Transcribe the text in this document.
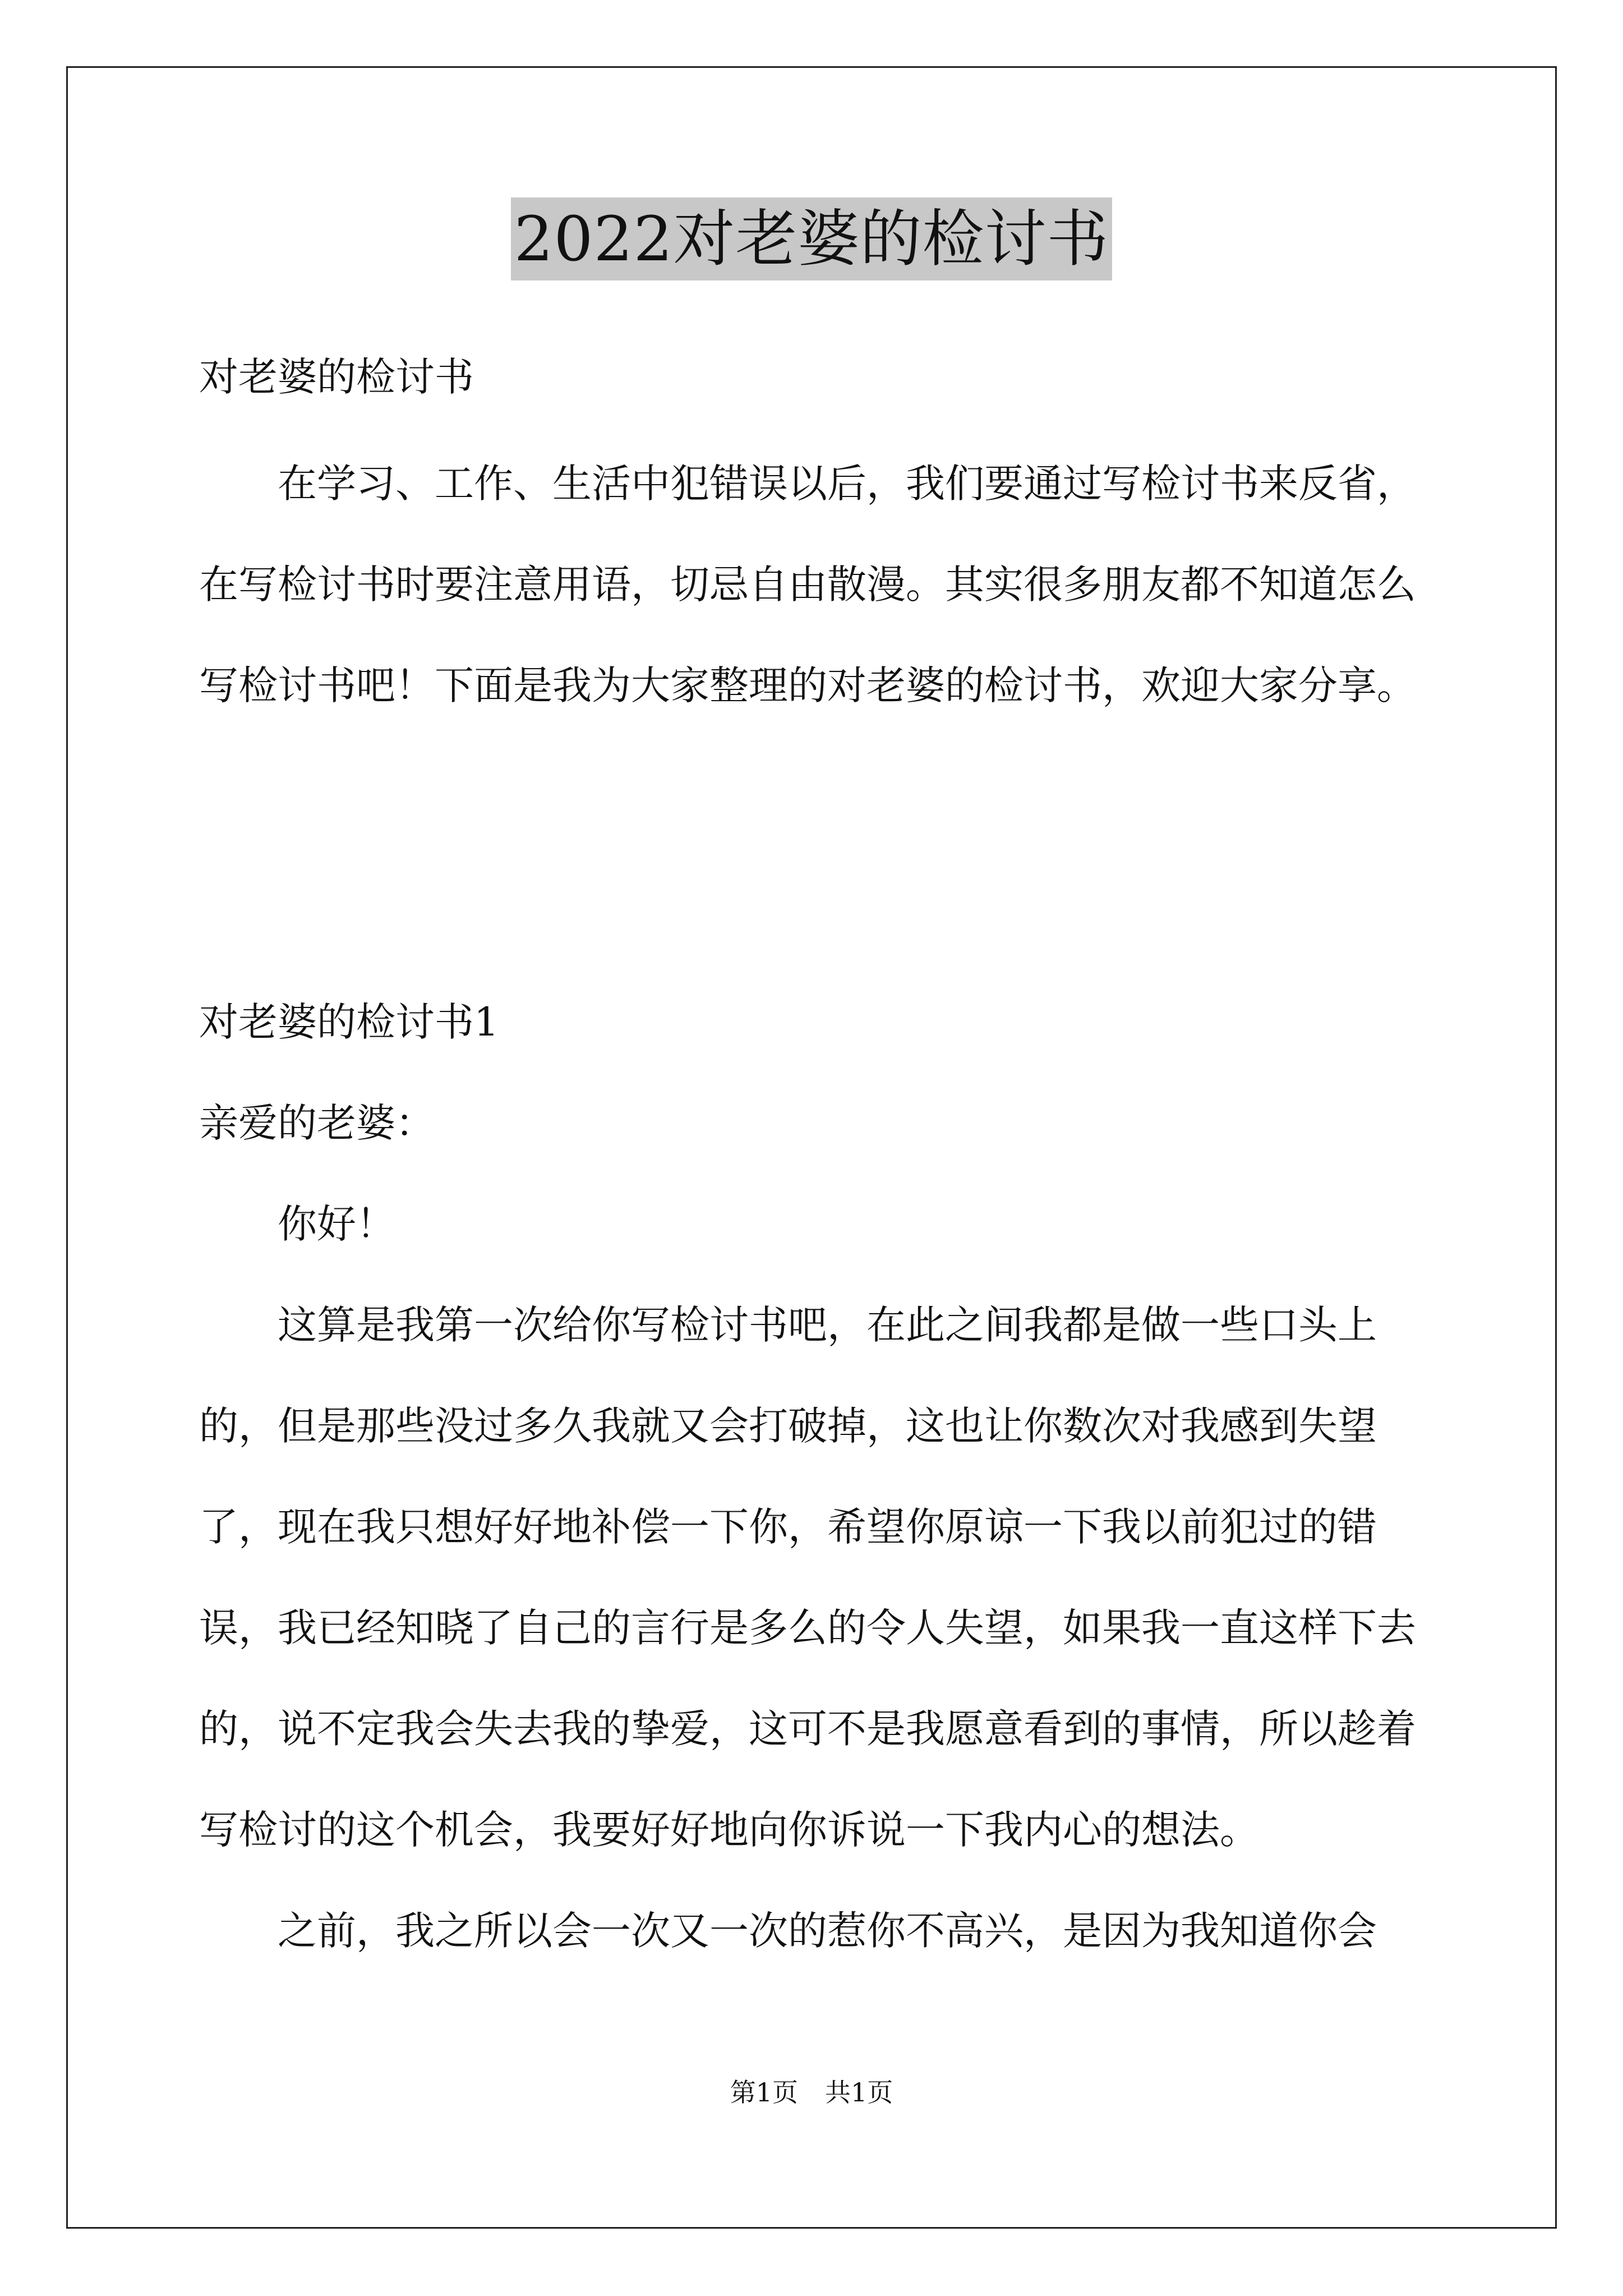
2022对老婆的检讨书

对老婆的检讨书

在学习、工作、生活中犯错误以后，我们要通过写检讨书来反省，在写检讨书时要注意用语，切忌自由散漫。其实很多朋友都不知道怎么写检讨书吧！下面是我为大家整理的对老婆的检讨书，欢迎大家分享。

对老婆的检讨书1

亲爱的老婆：

你好！

这算是我第一次给你写检讨书吧，在此之间我都是做一些口头上的，但是那些没过多久我就又会打破掉，这也让你数次对我感到失望了，现在我只想好好地补偿一下你，希望你原谅一下我以前犯过的错误，我已经知晓了自己的言行是多么的令人失望，如果我一直这样下去的，说不定我会失去我的挚爱，这可不是我愿意看到的事情，所以趁着写检讨的这个机会，我要好好地向你诉说一下我内心的想法。

之前，我之所以会一次又一次的惹你不高兴，是因为我知道你会

第1页 共1页
